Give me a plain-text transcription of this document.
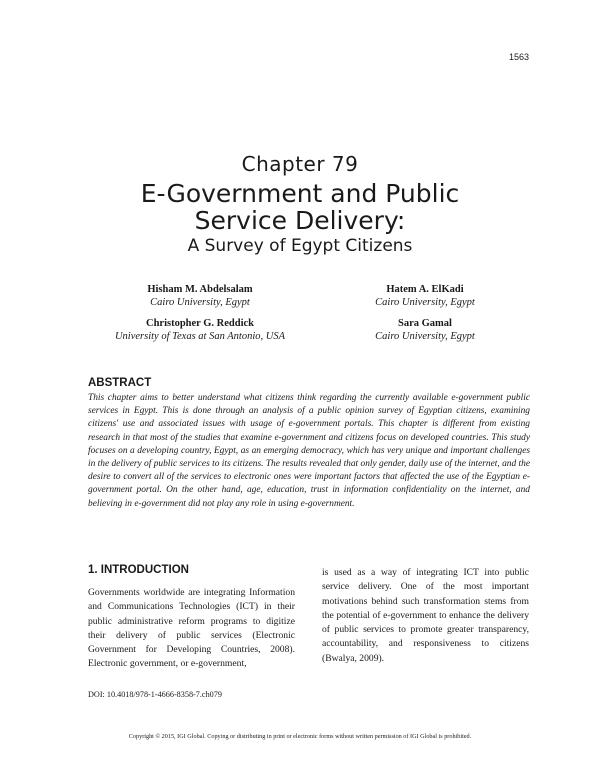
1563
Chapter 79
E-Government and Public
Service Delivery:
A Survey of Egypt Citizens
Hisham M. Abdelsalam
Cairo University, Egypt
Hatem A. ElKadi
Cairo University, Egypt
Christopher G. Reddick
University of Texas at San Antonio, USA
Sara Gamal
Cairo University, Egypt
ABSTRACT
This chapter aims to better understand what citizens think regarding the currently available e-government public services in Egypt. This is done through an analysis of a public opinion survey of Egyptian citizens, examining citizens' use and associated issues with usage of e-government portals. This chapter is different from existing research in that most of the studies that examine e-government and citizens focus on developed countries. This study focuses on a developing country, Egypt, as an emerging democracy, which has very unique and important challenges in the delivery of public services to its citizens. The results revealed that only gender, daily use of the internet, and the desire to convert all of the services to electronic ones were important factors that affected the use of the Egyptian e-government portal. On the other hand, age, education, trust in information confidentiality on the internet, and believing in e-government did not play any role in using e-government.
1. INTRODUCTION
Governments worldwide are integrating Information and Communications Technologies (ICT) in their public administrative reform programs to digitize their delivery of public services (Electronic Government for Developing Countries, 2008). Electronic government, or e-government,
is used as a way of integrating ICT into public service delivery. One of the most important motivations behind such transformation stems from the potential of e-government to enhance the delivery of public services to promote greater transparency, accountability, and responsiveness to citizens (Bwalya, 2009).
DOI: 10.4018/978-1-4666-8358-7.ch079
Copyright © 2015, IGI Global. Copying or distributing in print or electronic forms without written permission of IGI Global is prohibited.
